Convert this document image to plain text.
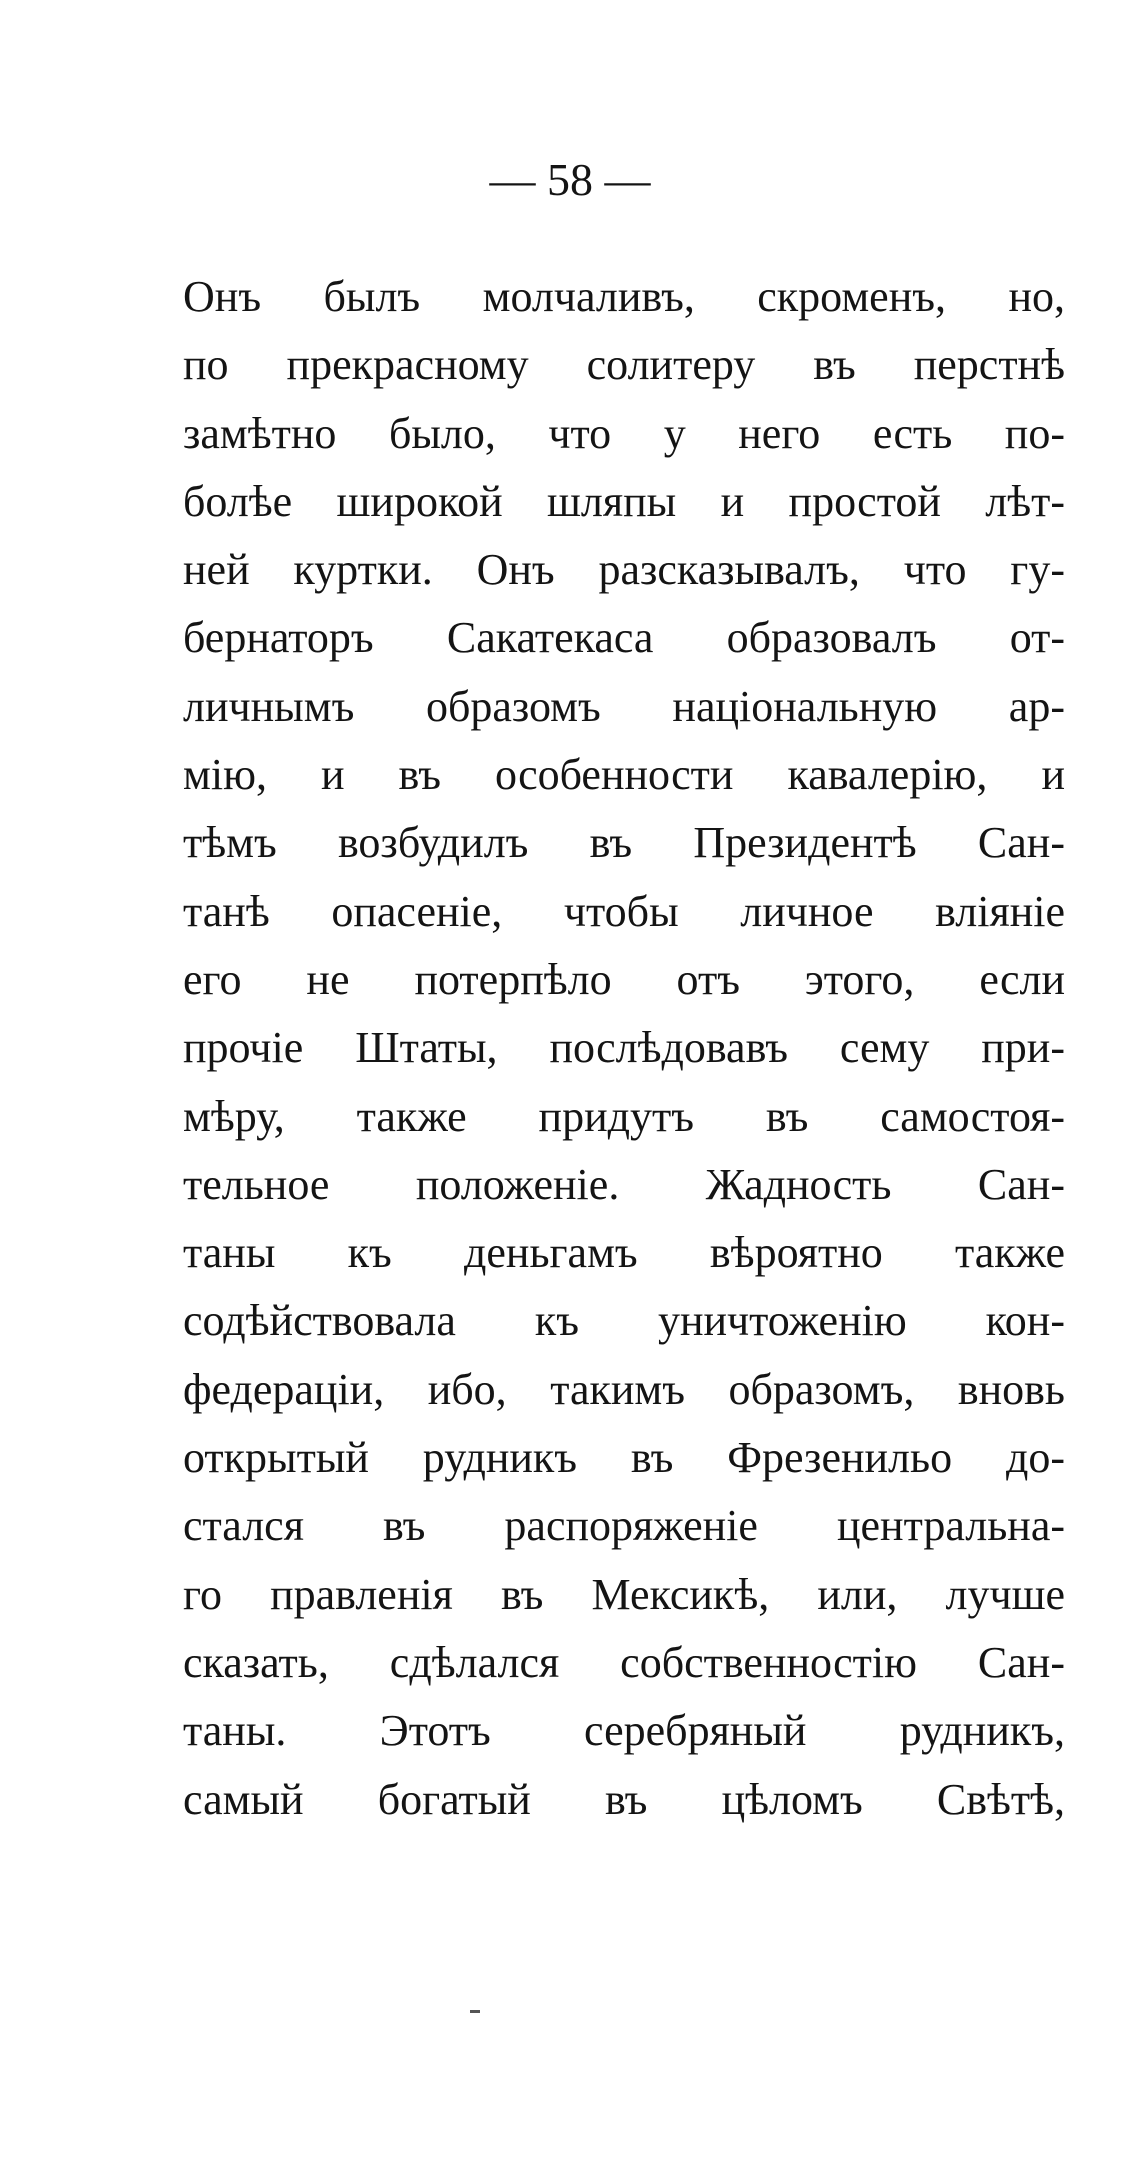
— 58 —
Онъ былъ молчаливъ, скроменъ, но,
по прекрасному солитеру въ перстнѣ
замѣтно было, что у него есть по-
болѣе широкой шляпы и простой лѣт-
ней куртки. Онъ разсказывалъ, что гу-
бернаторъ Сакатекаса образовалъ от-
личнымъ образомъ національную ар-
мію, и въ особенности кавалерію, и
тѣмъ возбудилъ въ Президентѣ Сан-
танѣ опасеніе, чтобы личное вліяніе
его не потерпѣло отъ этого, если
прочіе Штаты, послѣдовавъ сему при-
мѣру, также придутъ въ самостоя-
тельное положеніе. Жадность Сан-
таны къ деньгамъ вѣроятно также
содѣйствовала къ уничтоженію кон-
федераціи, ибо, такимъ образомъ, вновь
открытый рудникъ въ Фрезенильо до-
стался въ распоряженіе центральна-
го правленія въ Мексикѣ, или, лучше
сказать, сдѣлался собственностію Сан-
таны. Этотъ серебряный рудникъ,
самый богатый въ цѣломъ Свѣтѣ,
